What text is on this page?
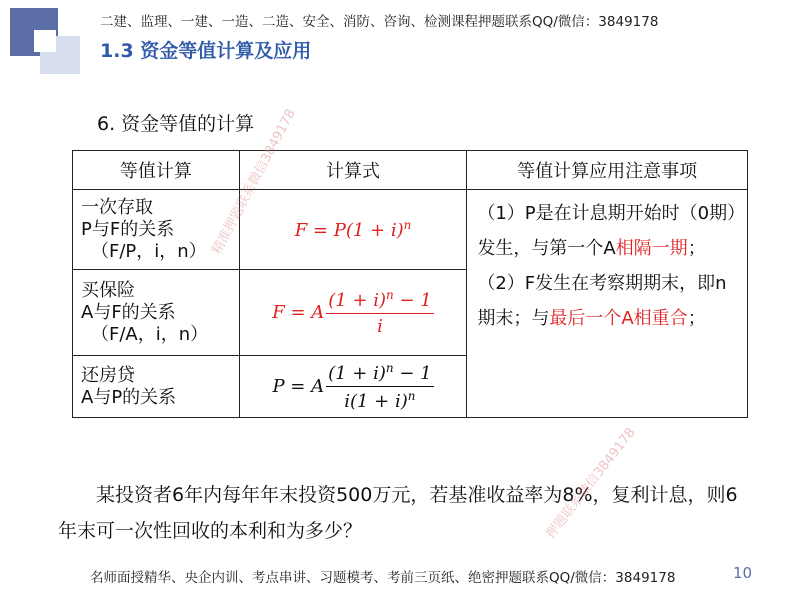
二建、监理、一建、一造、二造、安全、消防、咨询、检测课程押题联系QQ/微信：3849178
1.3 资金等值计算及应用
6. 资金等值的计算
等值计算	计算式	等值计算应用注意事项

一次存取
P与F的关系
（F/P，i，n）	$F = P(1 + i)^n$	（1）P是在计息期开始时（0期）发生，与第一个A相隔一期；
（2）F发生在考察期期末，即n期末；与最后一个A相重合；

买保险
A与F的关系
（F/A，i，n）	F = A $\frac{(1 + i)^n - 1}{i}$

还房贷
A与P的关系	P = A $\frac{(1 + i)^n - 1}{i(1 + i)^n}$
某投资者6年内每年年末投资500万元，若基准收益率为8%，复利计息，则6年末可一次性回收的本利和为多少？
名师面授精华、央企内训、考点串讲、习题模考、考前三页纸、绝密押题联系QQ/微信：3849178	10
精准押题联系微信3849178
押题联系微信3849178
